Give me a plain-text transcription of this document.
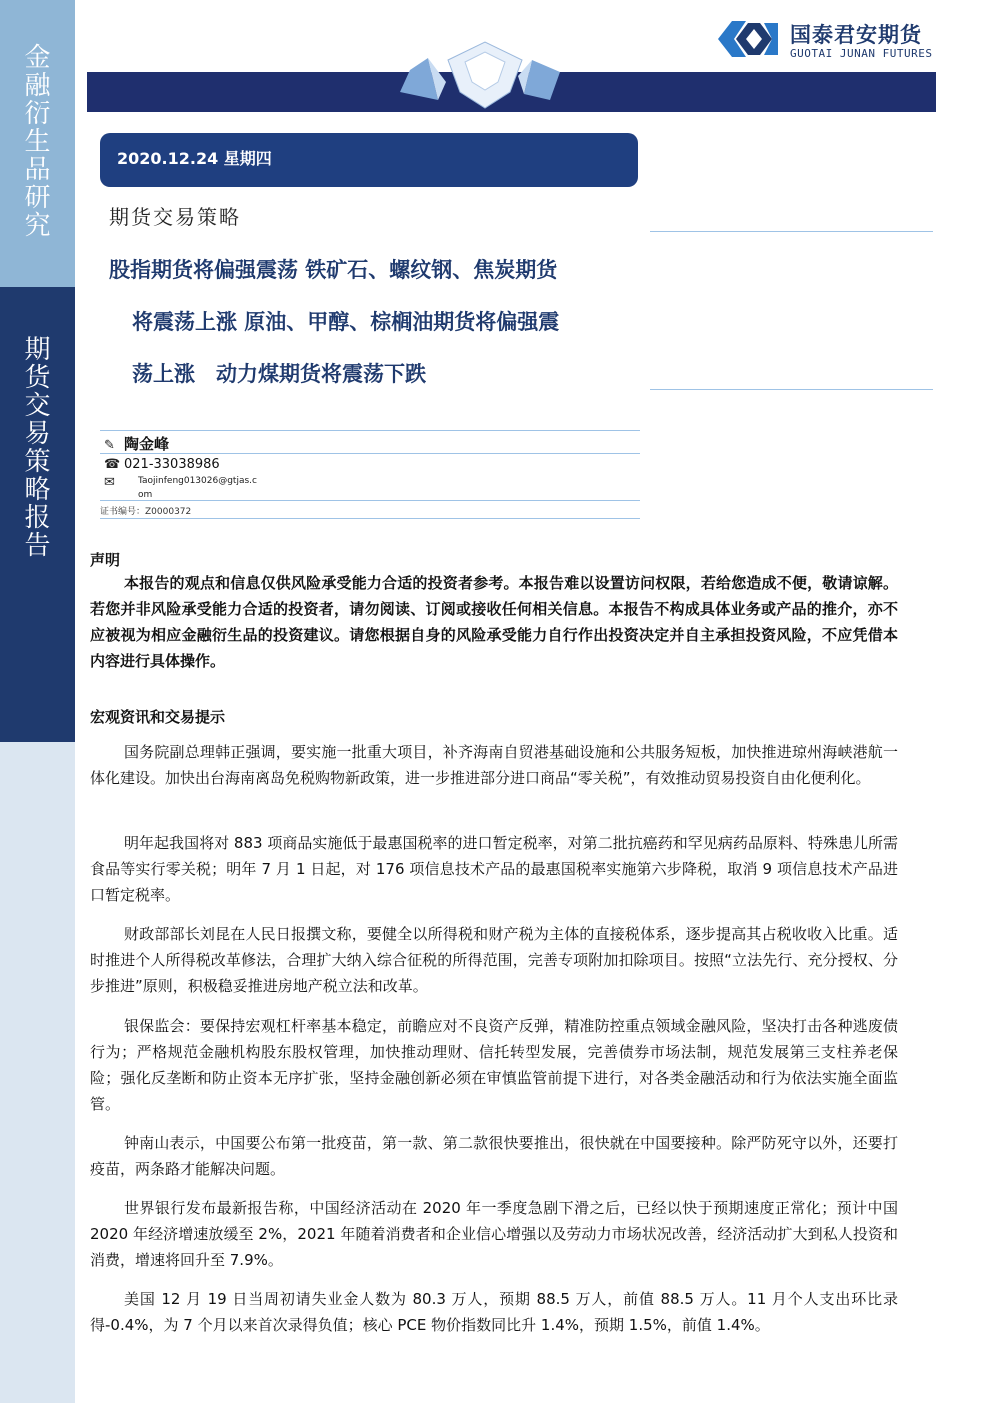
金融衍生品研究
期货交易策略报告
国泰君安期货
GUOTAI JUNAN FUTURES
2020.12.24 星期四
期货交易策略
股指期货将偏强震荡 铁矿石、螺纹钢、焦炭期货
将震荡上涨 原油、甲醇、棕榈油期货将偏强震
荡上涨　动力煤期货将震荡下跌
✎ 陶金峰
☎ 021-33038986
✉	Taojinfeng013026@gtjas.com
证书编号：Z0000372
声明
本报告的观点和信息仅供风险承受能力合适的投资者参考。本报告难以设置访问权限，若给您造成不便，敬请谅解。若您并非风险承受能力合适的投资者，请勿阅读、订阅或接收任何相关信息。本报告不构成具体业务或产品的推介，亦不应被视为相应金融衍生品的投资建议。请您根据自身的风险承受能力自行作出投资决定并自主承担投资风险，不应凭借本内容进行具体操作。
宏观资讯和交易提示
国务院副总理韩正强调，要实施一批重大项目，补齐海南自贸港基础设施和公共服务短板，加快推进琼州海峡港航一体化建设。加快出台海南离岛免税购物新政策，进一步推进部分进口商品“零关税”，有效推动贸易投资自由化便利化。
明年起我国将对 883 项商品实施低于最惠国税率的进口暂定税率，对第二批抗癌药和罕见病药品原料、特殊患儿所需食品等实行零关税；明年 7 月 1 日起，对 176 项信息技术产品的最惠国税率实施第六步降税，取消 9 项信息技术产品进口暂定税率。
财政部部长刘昆在人民日报撰文称，要健全以所得税和财产税为主体的直接税体系，逐步提高其占税收收入比重。适时推进个人所得税改革修法，合理扩大纳入综合征税的所得范围，完善专项附加扣除项目。按照“立法先行、充分授权、分步推进”原则，积极稳妥推进房地产税立法和改革。
银保监会：要保持宏观杠杆率基本稳定，前瞻应对不良资产反弹，精准防控重点领域金融风险，坚决打击各种逃废债行为；严格规范金融机构股东股权管理，加快推动理财、信托转型发展，完善债券市场法制，规范发展第三支柱养老保险；强化反垄断和防止资本无序扩张，坚持金融创新必须在审慎监管前提下进行，对各类金融活动和行为依法实施全面监管。
钟南山表示，中国要公布第一批疫苗，第一款、第二款很快要推出，很快就在中国要接种。除严防死守以外，还要打疫苗，两条路才能解决问题。
世界银行发布最新报告称，中国经济活动在 2020 年一季度急剧下滑之后，已经以快于预期速度正常化；预计中国 2020 年经济增速放缓至 2%，2021 年随着消费者和企业信心增强以及劳动力市场状况改善，经济活动扩大到私人投资和消费，增速将回升至 7.9%。
美国 12 月 19 日当周初请失业金人数为 80.3 万人，预期 88.5 万人，前值 88.5 万人。11 月个人支出环比录得-0.4%，为 7 个月以来首次录得负值；核心 PCE 物价指数同比升 1.4%，预期 1.5%，前值 1.4%。
